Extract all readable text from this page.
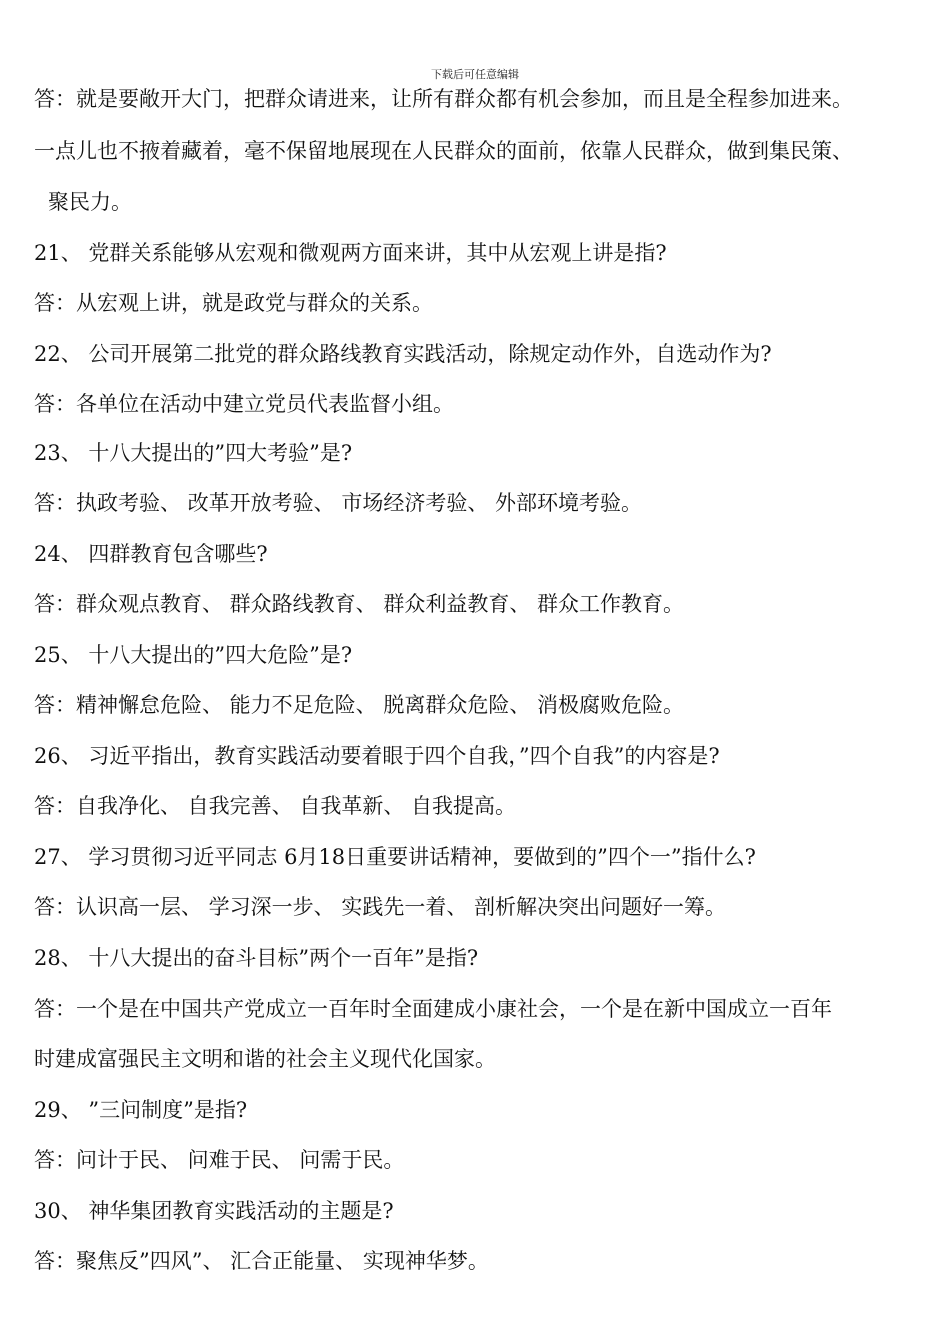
下载后可任意编辑
答：就是要敞开大门，把群众请进来，让所有群众都有机会参加，而且是全程参加进来。
一点儿也不掖着藏着，毫不保留地展现在人民群众的面前，依靠人民群众，做到集民策、
聚民力。
21、 党群关系能够从宏观和微观两方面来讲，其中从宏观上讲是指?
答：从宏观上讲，就是政党与群众的关系。
22、 公司开展第二批党的群众路线教育实践活动，除规定动作外，自选动作为?
答：各单位在活动中建立党员代表监督小组。
23、 十八大提出的”四大考验”是?
答：执政考验、 改革开放考验、 市场经济考验、 外部环境考验。
24、 四群教育包含哪些?
答：群众观点教育、 群众路线教育、 群众利益教育、 群众工作教育。
25、 十八大提出的”四大危险”是?
答：精神懈怠危险、 能力不足危险、 脱离群众危险、 消极腐败危险。
26、 习近平指出，教育实践活动要着眼于四个自我，”四个自我”的内容是?
答：自我净化、 自我完善、 自我革新、 自我提高。
27、 学习贯彻习近平同志 6月18日重要讲话精神，要做到的”四个一”指什么?
答：认识高一层、 学习深一步、 实践先一着、 剖析解决突出问题好一筹。
28、 十八大提出的奋斗目标”两个一百年”是指?
答：一个是在中国共产党成立一百年时全面建成小康社会，一个是在新中国成立一百年
时建成富强民主文明和谐的社会主义现代化国家。
29、 ”三问制度”是指?
答：问计于民、 问难于民、 问需于民。
30、 神华集团教育实践活动的主题是?
答：聚焦反”四风”、 汇合正能量、 实现神华梦。
